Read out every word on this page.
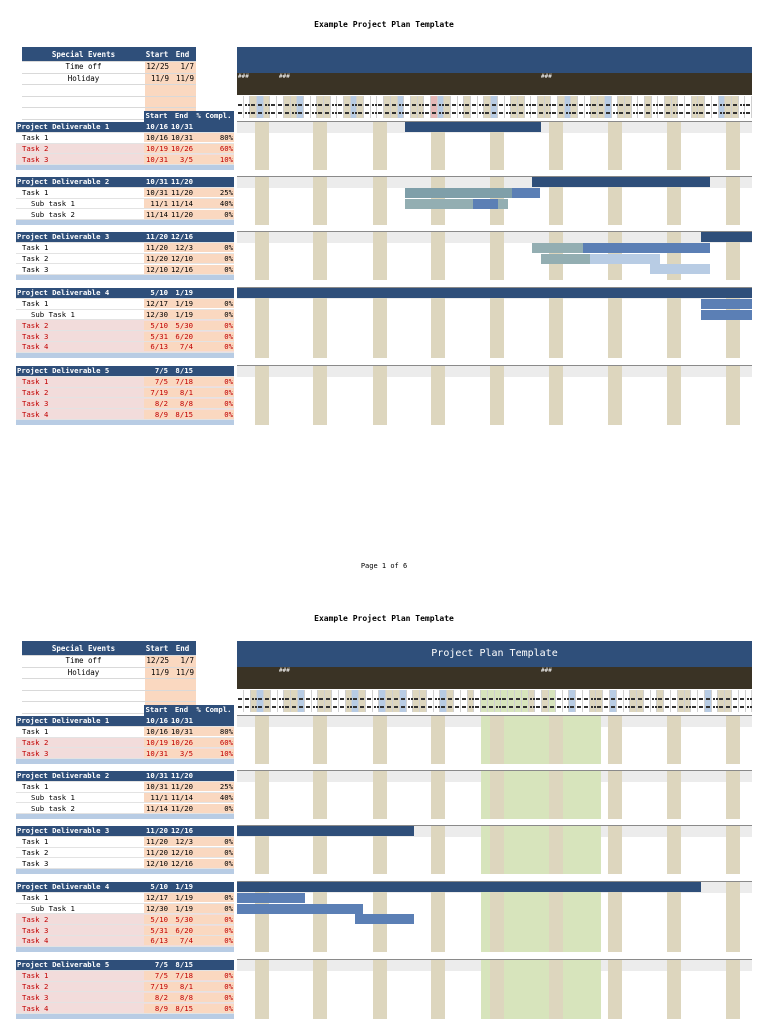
Example Project Plan Template
Special Events	Start End
Time off	12/25	1/7
Holiday	11/9 11/9
Start	End	% Compl.
Project Deliverable 1	10/16 10/31
Task 1	10/16 10/31	80%
Task 2	10/19 10/26	60%
Task 3	10/31	3/5	10%
Project Deliverable 2	10/31 11/20
Task 1	10/31 11/20	25%
Sub task 1	11/1 11/14	40%
Sub task 2	11/14 11/20	0%
Project Deliverable 3	11/20 12/16
Task 1	11/20	12/3	0%
Task 2	11/20 12/10	0%
Task 3	12/10 12/16	0%
Project Deliverable 4	5/10	1/19
Task 1	12/17	1/19	0%
Sub Task 1	12/30	1/19	0%
Task 2	5/10	5/30	0%
Task 3	5/31	6/20	0%
Task 4	6/13	7/4	0%
Project Deliverable 5	7/5	8/15
Task 1	7/5	7/18	0%
Task 2	7/19	8/1	0%
Task 3	8/2	8/8	0%
Task 4	8/9	8/15	0%
###	###	###
Page 1 of 6
Example Project Plan Template
Special Events	Start End
Time off	12/25	1/7
Holiday	11/9 11/9
Start	End	% Compl.
Project Deliverable 1	10/16 10/31
Task 1	10/16 10/31	80%
Task 2	10/19 10/26	60%
Task 3	10/31	3/5	10%
Project Deliverable 2	10/31 11/20
Task 1	10/31 11/20	25%
Sub task 1	11/1 11/14	40%
Sub task 2	11/14 11/20	0%
Project Deliverable 3	11/20 12/16
Task 1	11/20	12/3	0%
Task 2	11/20 12/10	0%
Task 3	12/10 12/16	0%
Project Deliverable 4	5/10	1/19
Task 1	12/17	1/19	0%
Sub Task 1	12/30	1/19	0%
Task 2	5/10	5/30	0%
Task 3	5/31	6/20	0%
Task 4	6/13	7/4	0%
Project Deliverable 5	7/5	8/15
Task 1	7/5	7/18	0%
Task 2	7/19	8/1	0%
Task 3	8/2	8/8	0%
Task 4	8/9	8/15	0%
Project Plan Template
###	###
